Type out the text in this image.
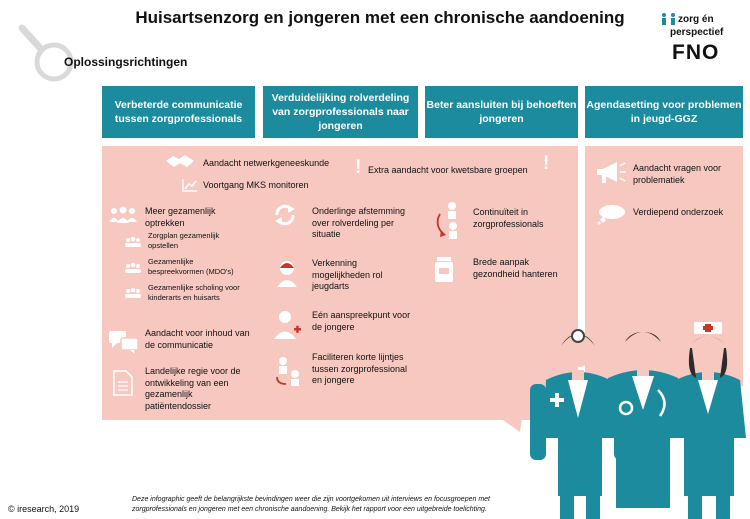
Huisartsenzorg en jongeren met een chronische aandoening
Oplossingsrichtingen
zorg én
perspectief
FNO
Verbeterde communicatie tussen zorgprofessionals
Verduidelijking rolverdeling van zorgprofessionals naar jongeren
Beter aansluiten bij behoeften jongeren
Agendasetting voor problemen in jeugd-GGZ
Aandacht netwerkgeneeskunde
Voortgang MKS monitoren
! Extra aandacht voor kwetsbare groepen !
Meer gezamenlijk optrekken
Zorgplan gezamenlijk opstellen
Gezamenlijke bespreekvormen (MDO's)
Gezamenlijke scholing voor kinderarts en huisarts
Aandacht voor inhoud van de communicatie
Landelijke regie voor de ontwikkeling van een gezamenlijk patiëntendossier
Onderlinge afstemming over rolverdeling per situatie
Verkenning mogelijkheden rol jeugdarts
Eén aanspreekpunt voor de jongere
Faciliteren korte lijntjes tussen zorgprofessional en jongere
Continuïteit in zorgprofessionals
Brede aanpak gezondheid hanteren
Aandacht vragen voor problematiek
Verdiepend onderzoek
© iresearch, 2019
Deze infographic geeft de belangrijkste bevindingen weer die zijn voortgekomen uit interviews en focusgroepen met
zorgprofessionals en jongeren met een chronische aandoening. Bekijk het rapport voor een uitgebreide toelichting.
